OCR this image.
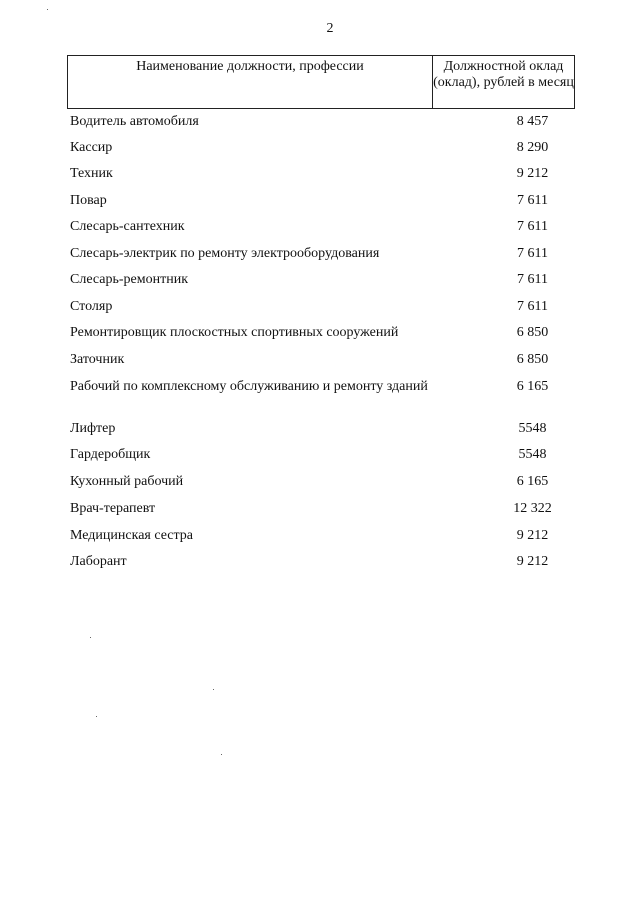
2
Наименование должности, профессии	Должностной оклад (оклад), рублей в месяц
Водитель автомобиля	8 457
Кассир	8 290
Техник	9 212
Повар	7 611
Слесарь-сантехник	7 611
Слесарь-электрик по ремонту электрооборудования	7 611
Слесарь-ремонтник	7 611
Столяр	7 611
Ремонтировщик плоскостных спортивных сооружений	6 850
Заточник	6 850
Рабочий по комплексному обслуживанию и ремонту зданий	6 165
Лифтер	5548
Гардеробщик	5548
Кухонный рабочий	6 165
Врач-терапевт	12 322
Медицинская сестра	9 212
Лаборант	9 212
